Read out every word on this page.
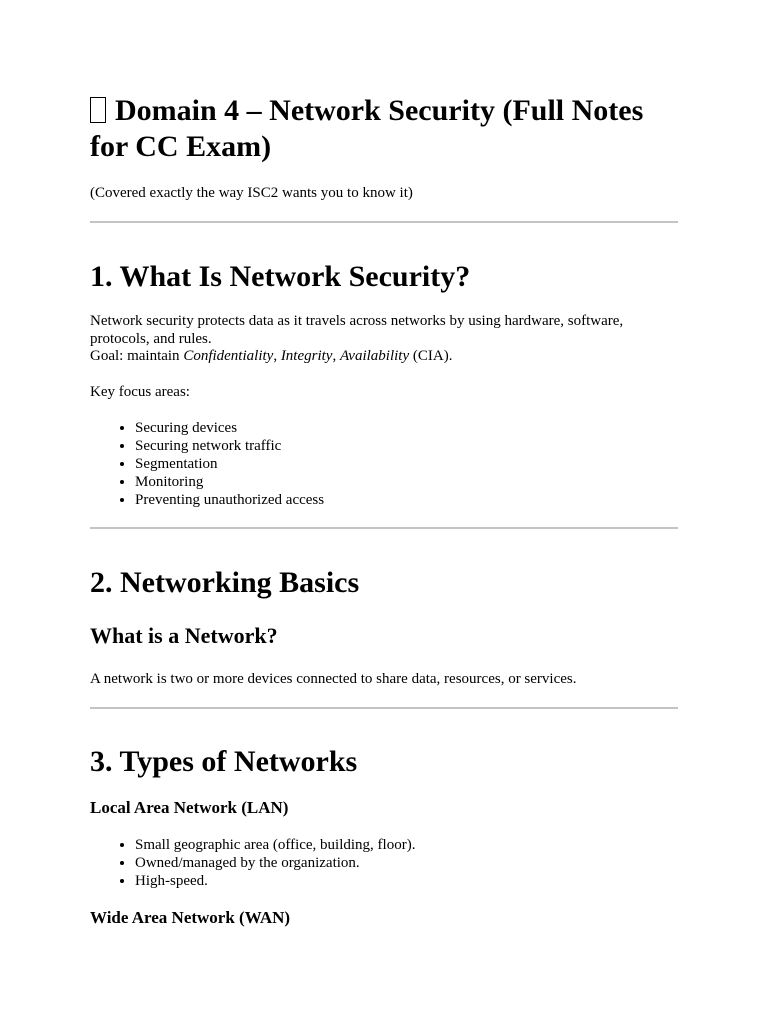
Domain 4 – Network Security (Full Notes for CC Exam)

(Covered exactly the way ISC2 wants you to know it)

1. What Is Network Security?

Network security protects data as it travels across networks by using hardware, software, protocols, and rules.

Goal: maintain Confidentiality, Integrity, Availability (CIA).

Key focus areas:

• Securing devices
• Securing network traffic
• Segmentation
• Monitoring
• Preventing unauthorized access
2. Networking Basics
What is a Network?

A network is two or more devices connected to share data, resources, or services.

3. Types of Networks
Local Area Network (LAN)
• Small geographic area (office, building, floor).
• Owned/managed by the organization.
• High-speed.
Wide Area Network (WAN)
